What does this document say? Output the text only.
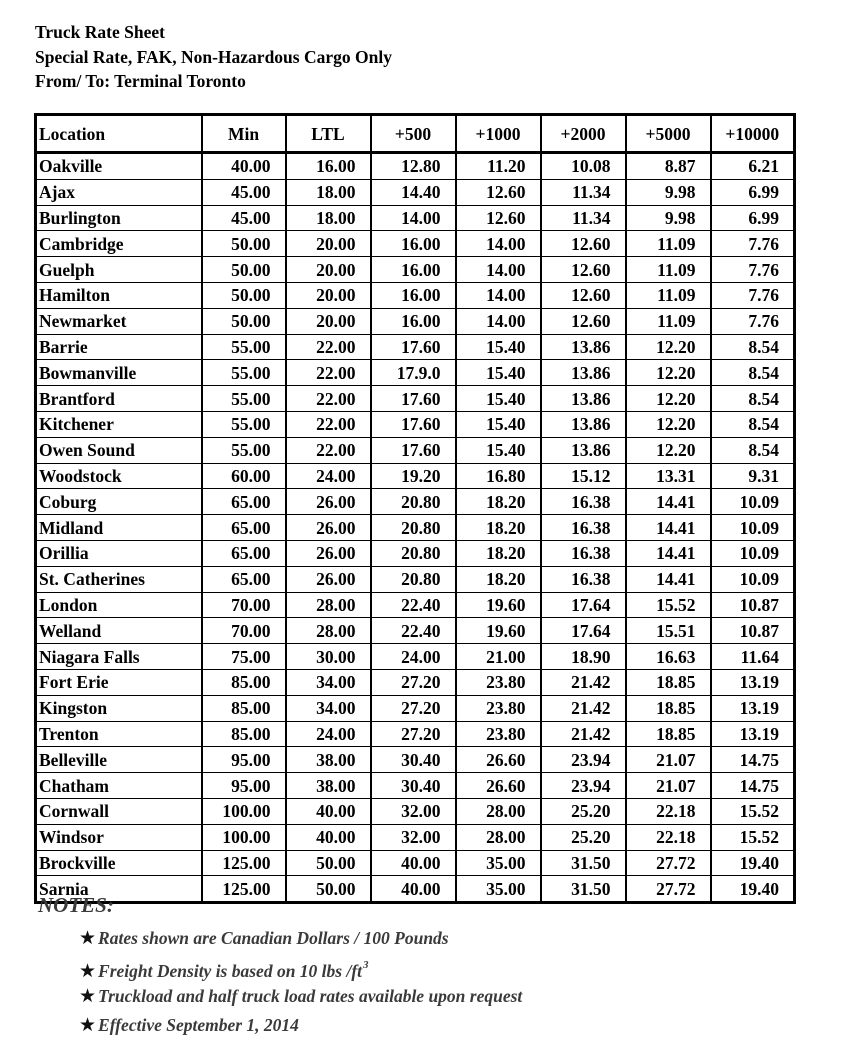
Truck Rate Sheet
Special Rate, FAK, Non-Hazardous Cargo Only
From/ To: Terminal Toronto
Location	Min	LTL	+500	+1000	+2000	+5000	+10000
Oakville	40.00	16.00	12.80	11.20	10.08	8.87	6.21
Ajax	45.00	18.00	14.40	12.60	11.34	9.98	6.99
Burlington	45.00	18.00	14.00	12.60	11.34	9.98	6.99
Cambridge	50.00	20.00	16.00	14.00	12.60	11.09	7.76
Guelph	50.00	20.00	16.00	14.00	12.60	11.09	7.76
Hamilton	50.00	20.00	16.00	14.00	12.60	11.09	7.76
Newmarket	50.00	20.00	16.00	14.00	12.60	11.09	7.76
Barrie	55.00	22.00	17.60	15.40	13.86	12.20	8.54
Bowmanville	55.00	22.00	17.9.0	15.40	13.86	12.20	8.54
Brantford	55.00	22.00	17.60	15.40	13.86	12.20	8.54
Kitchener	55.00	22.00	17.60	15.40	13.86	12.20	8.54
Owen Sound	55.00	22.00	17.60	15.40	13.86	12.20	8.54
Woodstock	60.00	24.00	19.20	16.80	15.12	13.31	9.31
Coburg	65.00	26.00	20.80	18.20	16.38	14.41	10.09
Midland	65.00	26.00	20.80	18.20	16.38	14.41	10.09
Orillia	65.00	26.00	20.80	18.20	16.38	14.41	10.09
St. Catherines	65.00	26.00	20.80	18.20	16.38	14.41	10.09
London	70.00	28.00	22.40	19.60	17.64	15.52	10.87
Welland	70.00	28.00	22.40	19.60	17.64	15.51	10.87
Niagara Falls	75.00	30.00	24.00	21.00	18.90	16.63	11.64
Fort Erie	85.00	34.00	27.20	23.80	21.42	18.85	13.19
Kingston	85.00	34.00	27.20	23.80	21.42	18.85	13.19
Trenton	85.00	24.00	27.20	23.80	21.42	18.85	13.19
Belleville	95.00	38.00	30.40	26.60	23.94	21.07	14.75
Chatham	95.00	38.00	30.40	26.60	23.94	21.07	14.75
Cornwall	100.00	40.00	32.00	28.00	25.20	22.18	15.52
Windsor	100.00	40.00	32.00	28.00	25.20	22.18	15.52
Brockville	125.00	50.00	40.00	35.00	31.50	27.72	19.40
Sarnia	125.00	50.00	40.00	35.00	31.50	27.72	19.40
NOTES:
★ Rates shown are Canadian Dollars / 100 Pounds
★ Freight Density is based on 10 lbs $/ft^3$
★ Truckload and half truck load rates available upon request
★ Effective September 1, 2014
